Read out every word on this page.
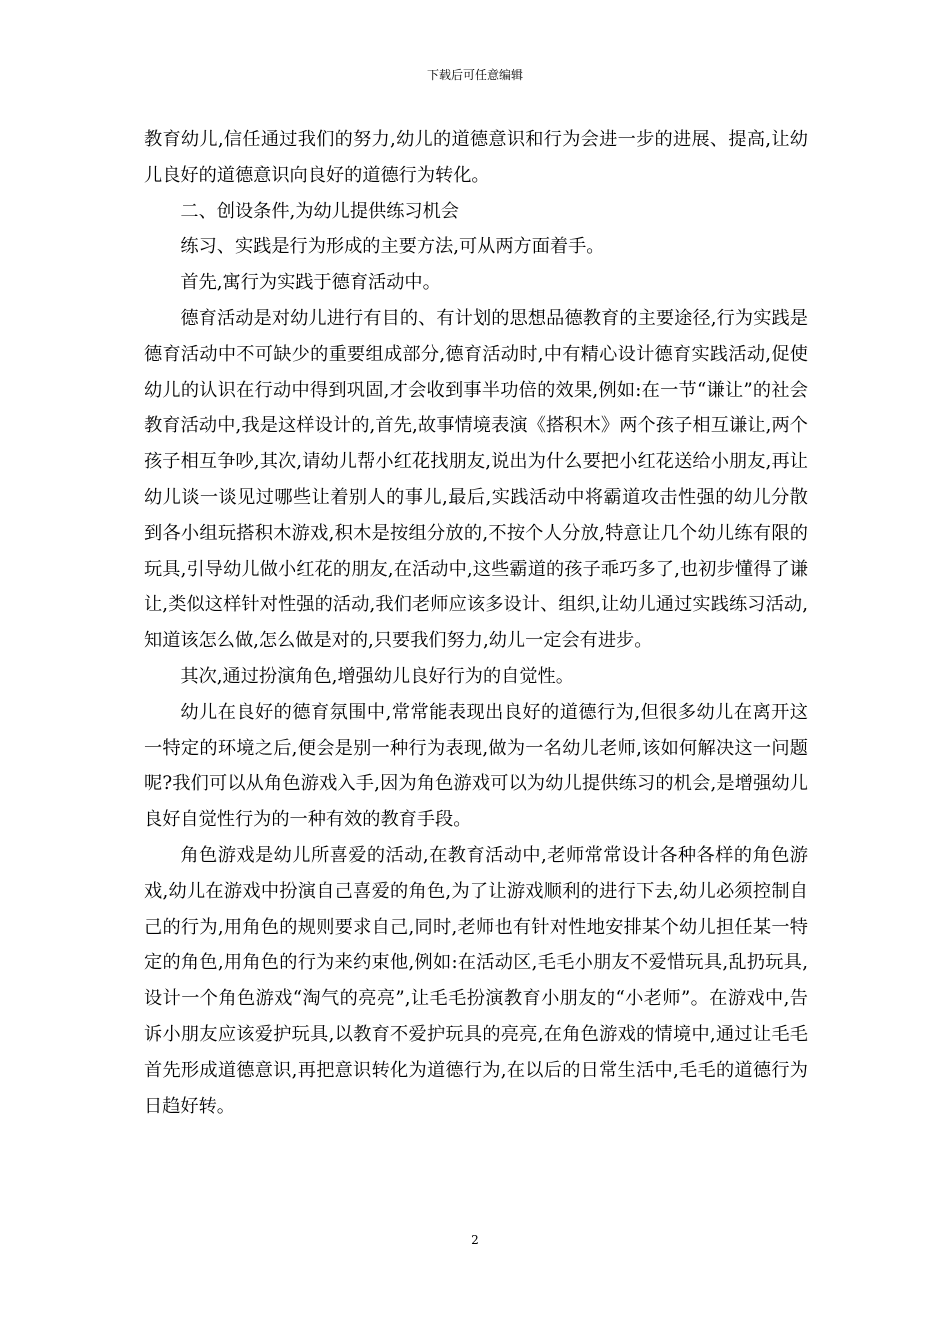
下载后可任意编辑

教育幼儿,信任通过我们的努力,幼儿的道德意识和行为会进一步的进展、提高,让幼儿良好的道德意识向良好的道德行为转化。

二、创设条件,为幼儿提供练习机会

练习、实践是行为形成的主要方法,可从两方面着手。

首先,寓行为实践于德育活动中。

德育活动是对幼儿进行有目的、有计划的思想品德教育的主要途径,行为实践是德育活动中不可缺少的重要组成部分,德育活动时,中有精心设计德育实践活动,促使幼儿的认识在行动中得到巩固,才会收到事半功倍的效果,例如:在一节“谦让”的社会教育活动中,我是这样设计的,首先,故事情境表演《搭积木》两个孩子相互谦让,两个孩子相互争吵,其次,请幼儿帮小红花找朋友,说出为什么要把小红花送给小朋友,再让幼儿谈一谈见过哪些让着别人的事儿,最后,实践活动中将霸道攻击性强的幼儿分散到各小组玩搭积木游戏,积木是按组分放的,不按个人分放,特意让几个幼儿练有限的玩具,引导幼儿做小红花的朋友,在活动中,这些霸道的孩子乖巧多了,也初步懂得了谦让,类似这样针对性强的活动,我们老师应该多设计、组织,让幼儿通过实践练习活动,知道该怎么做,怎么做是对的,只要我们努力,幼儿一定会有进步。

其次,通过扮演角色,增强幼儿良好行为的自觉性。

幼儿在良好的德育氛围中,常常能表现出良好的道德行为,但很多幼儿在离开这一特定的环境之后,便会是别一种行为表现,做为一名幼儿老师,该如何解决这一问题呢?我们可以从角色游戏入手,因为角色游戏可以为幼儿提供练习的机会,是增强幼儿良好自觉性行为的一种有效的教育手段。

角色游戏是幼儿所喜爱的活动,在教育活动中,老师常常设计各种各样的角色游戏,幼儿在游戏中扮演自己喜爱的角色,为了让游戏顺利的进行下去,幼儿必须控制自己的行为,用角色的规则要求自己,同时,老师也有针对性地安排某个幼儿担任某一特定的角色,用角色的行为来约束他,例如:在活动区,毛毛小朋友不爱惜玩具,乱扔玩具,设计一个角色游戏“淘气的亮亮”,让毛毛扮演教育小朋友的“小老师”。在游戏中,告诉小朋友应该爱护玩具,以教育不爱护玩具的亮亮,在角色游戏的情境中,通过让毛毛首先形成道德意识,再把意识转化为道德行为,在以后的日常生活中,毛毛的道德行为日趋好转。

2
